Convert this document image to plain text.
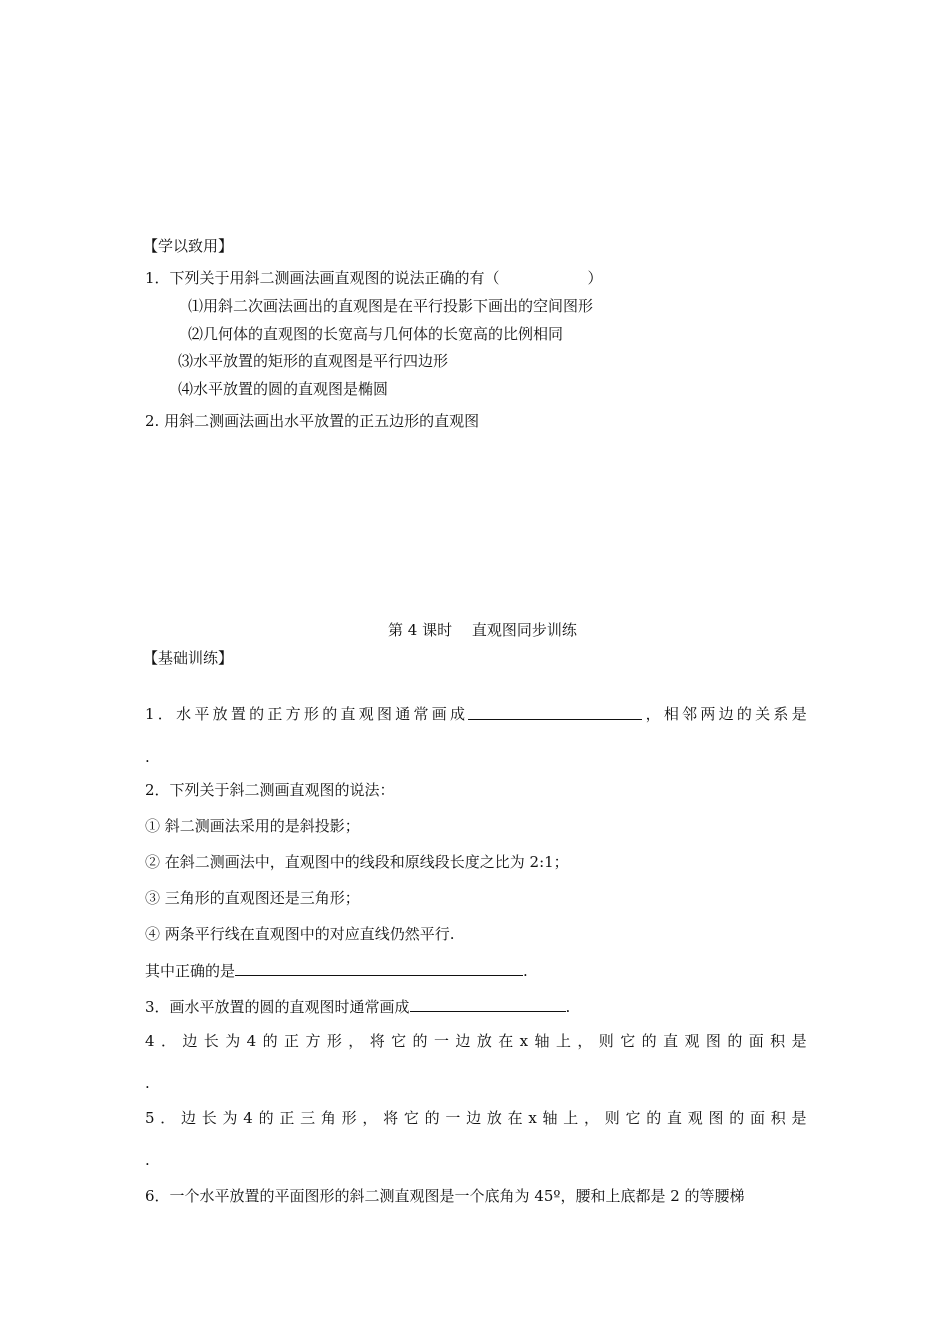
【学以致用】
1．下列关于用斜二测画法画直观图的说法正确的有（	）
⑴用斜二次画法画出的直观图是在平行投影下画出的空间图形
⑵几何体的直观图的长宽高与几何体的长宽高的比例相同
⑶水平放置的矩形的直观图是平行四边形
⑷水平放置的圆的直观图是椭圆
2. 用斜二测画法画出水平放置的正五边形的直观图
第 4 课时　 直观图同步训练
【基础训练】
1 ． 水 平 放 置 的 正 方 形 的 直 观 图 通 常 画 成	， 相 邻 两 边 的 关 系 是
.
2．下列关于斜二测画直观图的说法：
① 斜二测画法采用的是斜投影；
② 在斜二测画法中，直观图中的线段和原线段长度之比为 2:1；
③ 三角形的直观图还是三角形；
④ 两条平行线在直观图中的对应直线仍然平行.
其中正确的是	.
3．画水平放置的圆的直观图时通常画成	.
4 ． 边 长 为 4 的 正 方 形 ， 将 它 的 一 边 放 在 x 轴 上 ， 则 它 的 直 观 图 的 面 积 是
.
5 ． 边 长 为 4 的 正 三 角 形 ， 将 它 的 一 边 放 在 x 轴 上 ， 则 它 的 直 观 图 的 面 积 是
.
6．一个水平放置的平面图形的斜二测直观图是一个底角为 45º，腰和上底都是 2 的等腰梯
